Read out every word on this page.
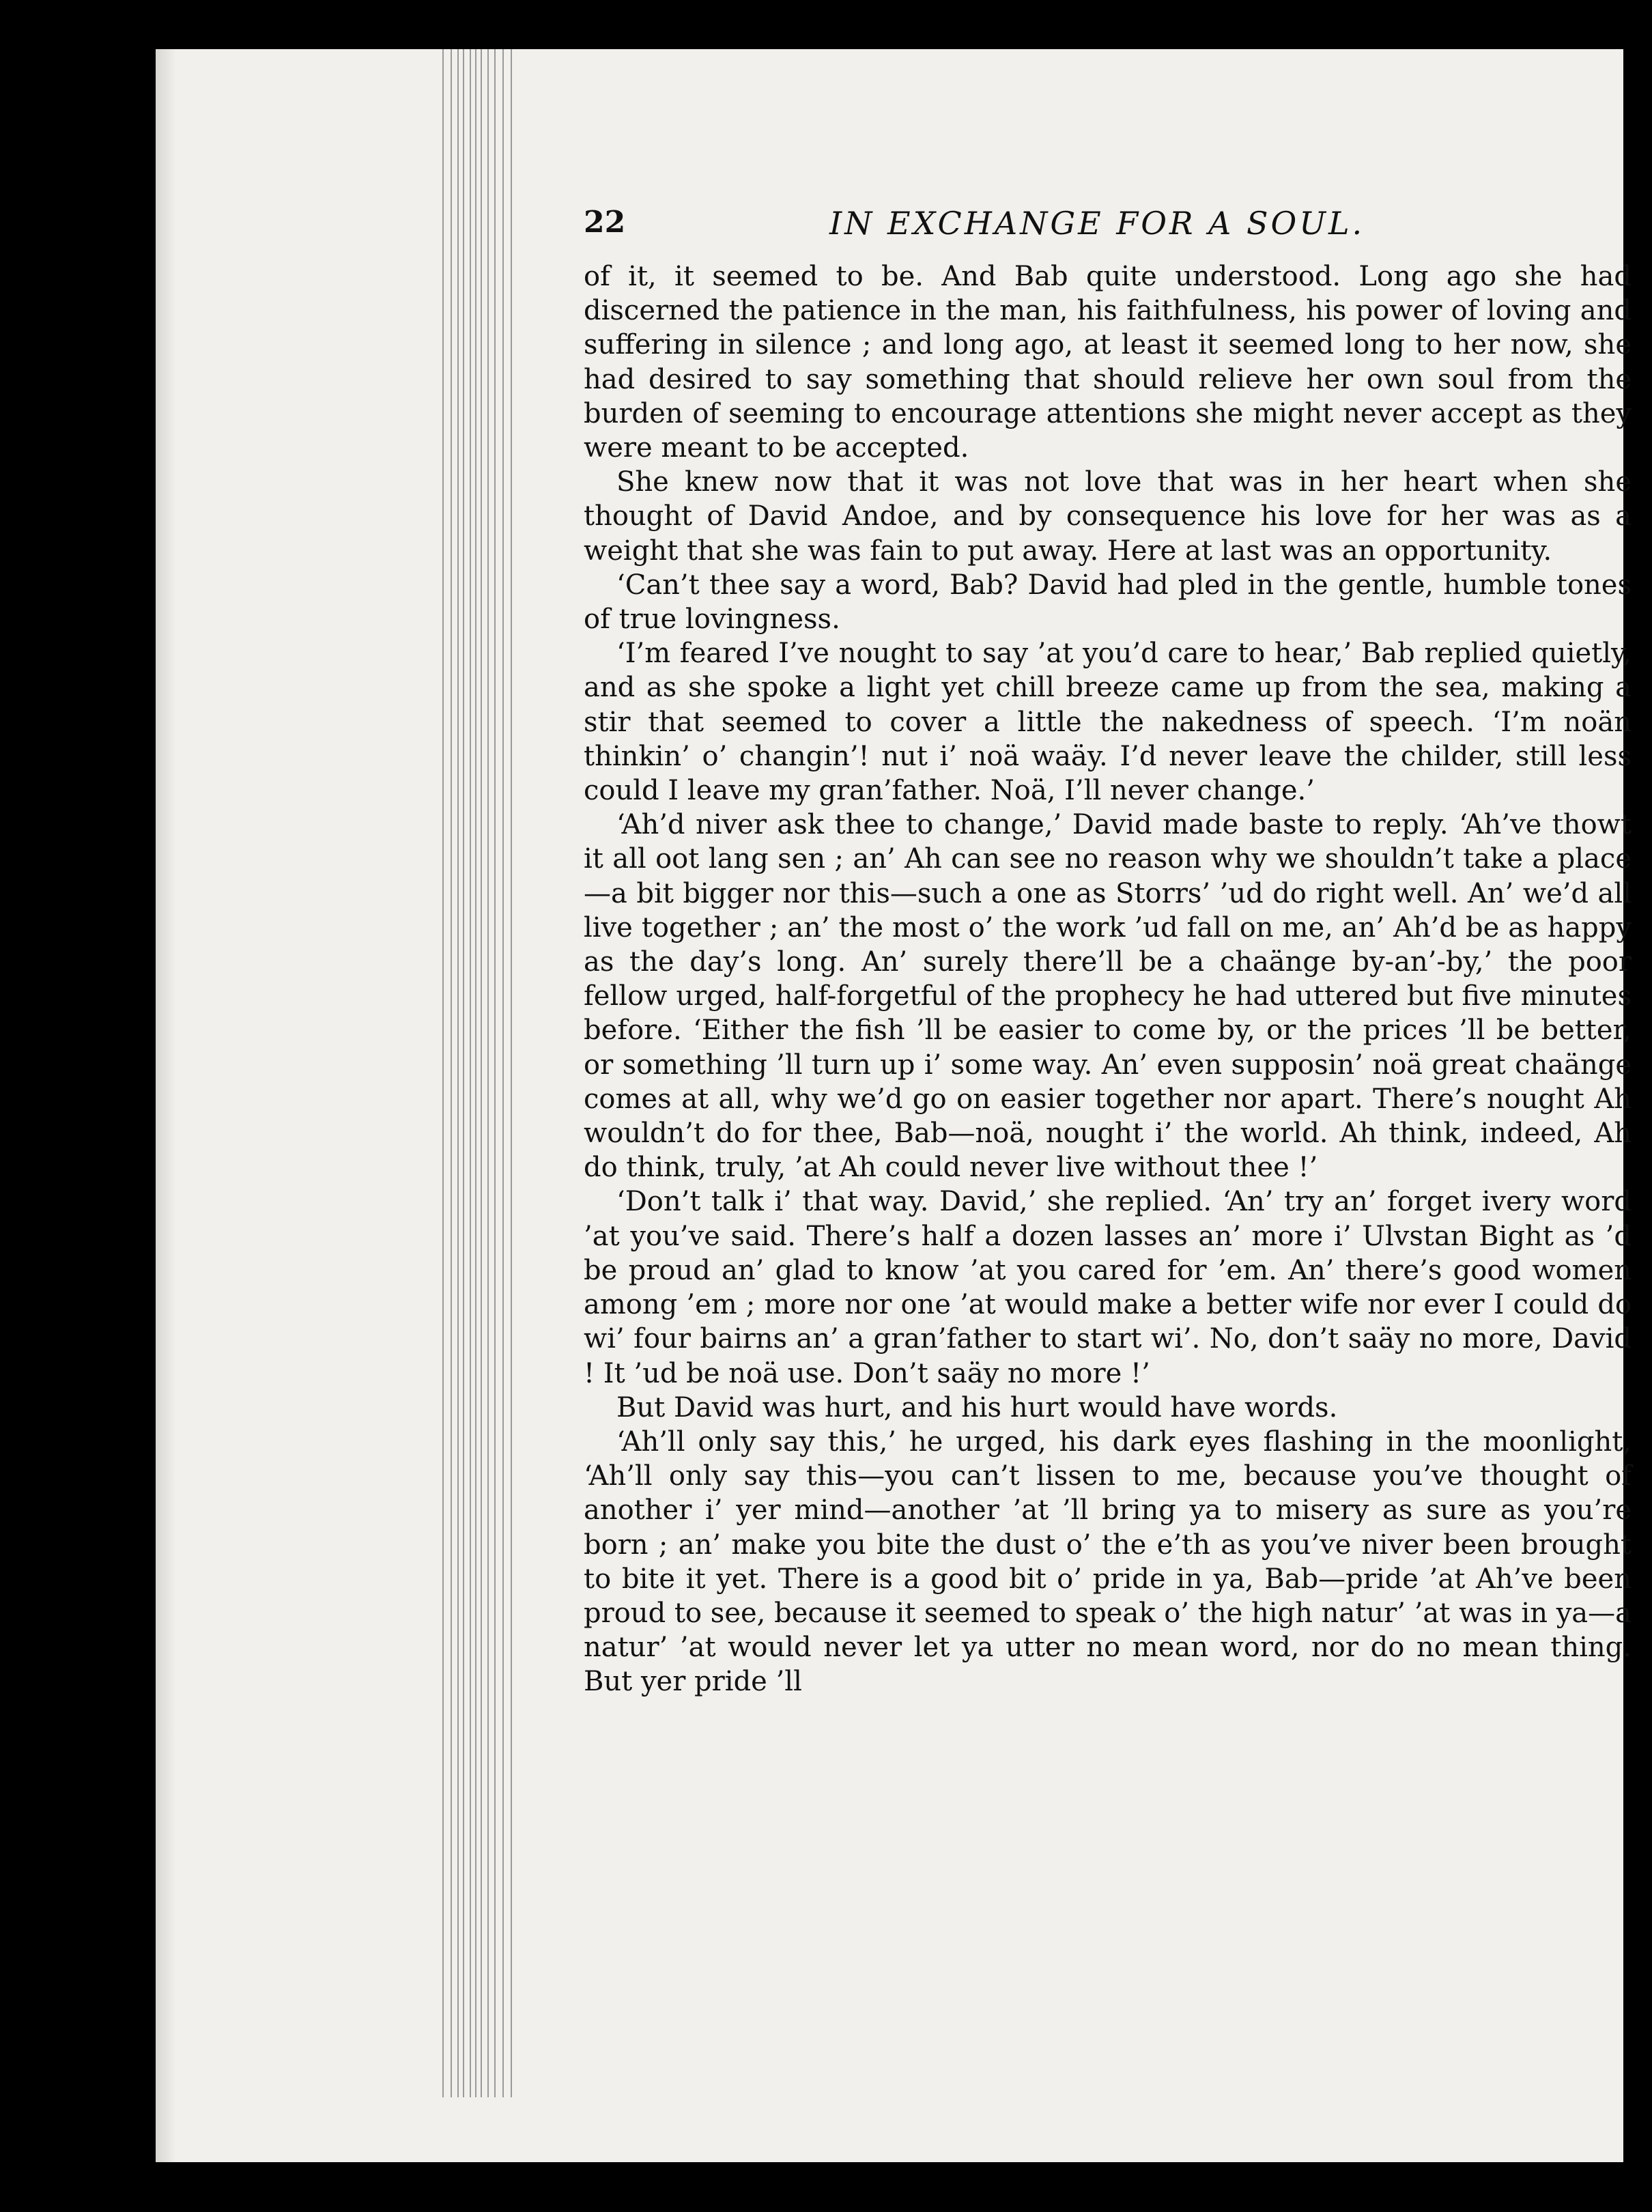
22	IN EXCHANGE FOR A SOUL.

of it, it seemed to be. And Bab quite understood. Long ago she had discerned the patience in the man, his faithfulness, his power of loving and suffering in silence ; and long ago, at least it seemed long to her now, she had desired to say something that should relieve her own soul from the burden of seeming to encourage attentions she might never accept as they were meant to be accepted.

She knew now that it was not love that was in her heart when she thought of David Andoe, and by consequence his love for her was as a weight that she was fain to put away. Here at last was an opportunity.

‘Can’t thee say a word, Bab? David had pled in the gentle, humble tones of true lovingness.

‘I’m feared I’ve nought to say ’at you’d care to hear,’ Bab replied quietly, and as she spoke a light yet chill breeze came up from the sea, making a stir that seemed to cover a little the nakedness of speech. ‘I’m noän thinkin’ o’ changin’! nut i’ noä waäy. I’d never leave the childer, still less could I leave my gran’father. Noä, I’ll never change.’

‘Ah’d niver ask thee to change,’ David made baste to reply. ‘Ah’ve thowt it all oot lang sen ; an’ Ah can see no reason why we shouldn’t take a place—a bit bigger nor this—such a one as Storrs’ ’ud do right well. An’ we’d all live together ; an’ the most o’ the work ’ud fall on me, an’ Ah’d be as happy as the day’s long. An’ surely there’ll be a chaänge by-an’-by,’ the poor fellow urged, half-forgetful of the prophecy he had uttered but five minutes before. ‘Either the fish ’ll be easier to come by, or the prices ’ll be better, or something ’ll turn up i’ some way. An’ even supposin’ noä great chaänge comes at all, why we’d go on easier together nor apart. There’s nought Ah wouldn’t do for thee, Bab—noä, nought i’ the world. Ah think, indeed, Ah do think, truly, ’at Ah could never live without thee !’

‘Don’t talk i’ that way. David,’ she replied. ‘An’ try an’ forget ivery word ’at you’ve said. There’s half a dozen lasses an’ more i’ Ulvstan Bight as ’d be proud an’ glad to know ’at you cared for ’em. An’ there’s good women among ’em ; more nor one ’at would make a better wife nor ever I could do wi’ four bairns an’ a gran’father to start wi’. No, don’t saäy no more, David ! It ’ud be noä use. Don’t saäy no more !’

But David was hurt, and his hurt would have words.

‘Ah’ll only say this,’ he urged, his dark eyes flashing in the moonlight, ‘Ah’ll only say this—you can’t lissen to me, because you’ve thought of another i’ yer mind—another ’at ’ll bring ya to misery as sure as you’re born ; an’ make you bite the dust o’ the e’th as you’ve niver been brought to bite it yet. There is a good bit o’ pride in ya, Bab—pride ’at Ah’ve been proud to see, because it seemed to speak o’ the high natur’ ’at was in ya—a natur’ ’at would never let ya utter no mean word, nor do no mean thing. But yer pride ’ll
